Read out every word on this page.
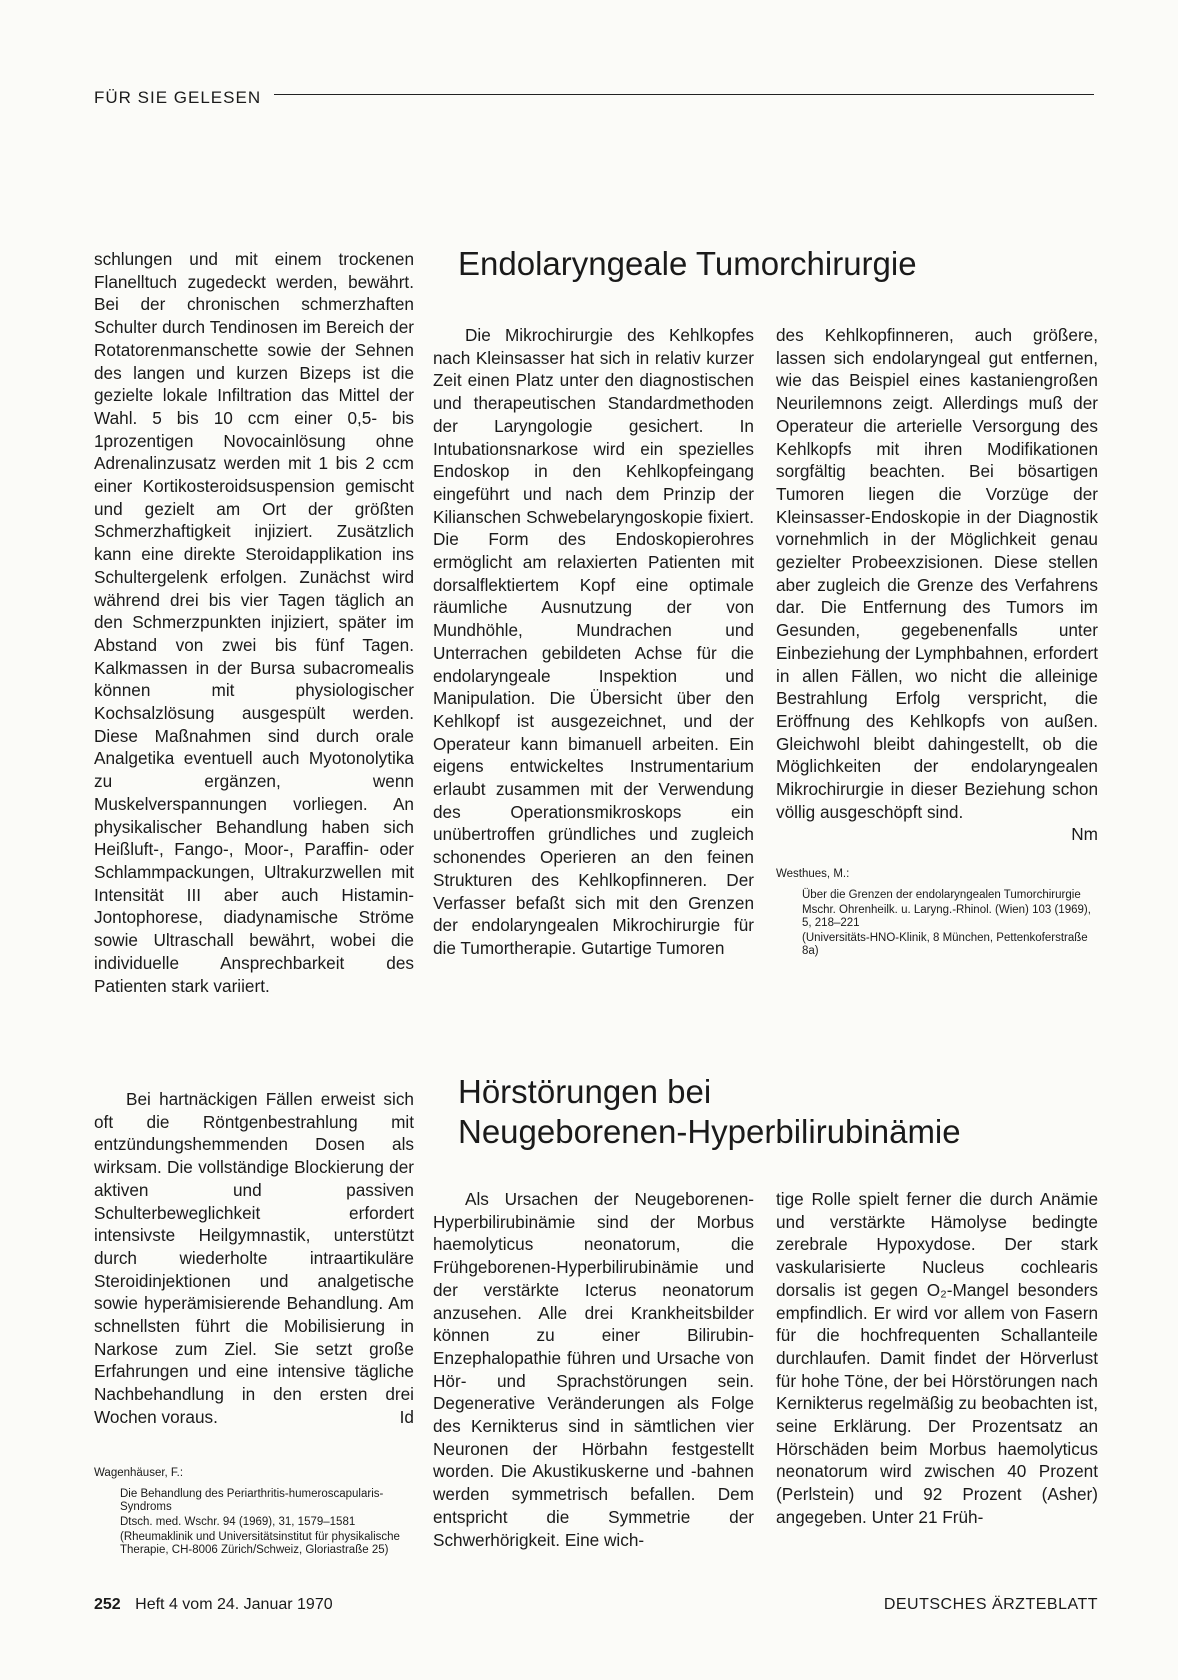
FÜR SIE GELESEN

schlungen und mit einem trockenen Flanelltuch zugedeckt werden, bewährt. Bei der chronischen schmerzhaften Schulter durch Tendinosen im Bereich der Rotatorenmanschette sowie der Sehnen des langen und kurzen Bizeps ist die gezielte lokale Infiltration das Mittel der Wahl. 5 bis 10 ccm einer 0,5- bis 1prozentigen Novocainlösung ohne Adrenalinzusatz werden mit 1 bis 2 ccm einer Kortikosteroidsuspension gemischt und gezielt am Ort der größten Schmerzhaftigkeit injiziert. Zusätzlich kann eine direkte Steroidapplikation ins Schultergelenk erfolgen. Zunächst wird während drei bis vier Tagen täglich an den Schmerzpunkten injiziert, später im Abstand von zwei bis fünf Tagen. Kalkmassen in der Bursa subacromealis können mit physiologischer Kochsalzlösung ausgespült werden. Diese Maßnahmen sind durch orale Analgetika eventuell auch Myotonolytika zu ergänzen, wenn Muskelverspannungen vorliegen. An physikalischer Behandlung haben sich Heißluft-, Fango-, Moor-, Paraffin- oder Schlammpackungen, Ultrakurzwellen mit Intensität III aber auch Histamin-Jontophorese, diadynamische Ströme sowie Ultraschall bewährt, wobei die individuelle Ansprechbarkeit des Patienten stark variiert.

Bei hartnäckigen Fällen erweist sich oft die Röntgenbestrahlung mit entzündungshemmenden Dosen als wirksam. Die vollständige Blockierung der aktiven und passiven Schulterbeweglichkeit erfordert intensivste Heilgymnastik, unterstützt durch wiederholte intraartikuläre Steroidinjektionen und analgetische sowie hyperämisierende Behandlung. Am schnellsten führt die Mobilisierung in Narkose zum Ziel. Sie setzt große Erfahrungen und eine intensive tägliche Nachbehandlung in den ersten drei Wochen voraus.	Id

Wagenhäuser, F.:
Die Behandlung des Periarthritis-humeroscapularis-Syndroms
Dtsch. med. Wschr. 94 (1969), 31, 1579–1581
(Rheumaklinik und Universitätsinstitut für physikalische Therapie, CH-8006 Zürich/Schweiz, Gloriastraße 25)
Endolaryngeale Tumorchirurgie

Die Mikrochirurgie des Kehlkopfes nach Kleinsasser hat sich in relativ kurzer Zeit einen Platz unter den diagnostischen und therapeutischen Standardmethoden der Laryngologie gesichert. In Intubationsnarkose wird ein spezielles Endoskop in den Kehlkopfeingang eingeführt und nach dem Prinzip der Kilianschen Schwebelaryngoskopie fixiert. Die Form des Endoskopierohres ermöglicht am relaxierten Patienten mit dorsalflektiertem Kopf eine optimale räumliche Ausnutzung der von Mundhöhle, Mundrachen und Unterrachen gebildeten Achse für die endolaryngeale Inspektion und Manipulation. Die Übersicht über den Kehlkopf ist ausgezeichnet, und der Operateur kann bimanuell arbeiten. Ein eigens entwickeltes Instrumentarium erlaubt zusammen mit der Verwendung des Operationsmikroskops ein unübertroffen gründliches und zugleich schonendes Operieren an den feinen Strukturen des Kehlkopfinneren. Der Verfasser befaßt sich mit den Grenzen der endolaryngealen Mikrochirurgie für die Tumortherapie. Gutartige Tumoren

des Kehlkopfinneren, auch größere, lassen sich endolaryngeal gut entfernen, wie das Beispiel eines kastaniengroßen Neurilemnons zeigt. Allerdings muß der Operateur die arterielle Versorgung des Kehlkopfs mit ihren Modifikationen sorgfältig beachten. Bei bösartigen Tumoren liegen die Vorzüge der Kleinsasser-Endoskopie in der Diagnostik vornehmlich in der Möglichkeit genau gezielter Probeexzisionen. Diese stellen aber zugleich die Grenze des Verfahrens dar. Die Entfernung des Tumors im Gesunden, gegebenenfalls unter Einbeziehung der Lymphbahnen, erfordert in allen Fällen, wo nicht die alleinige Bestrahlung Erfolg verspricht, die Eröffnung des Kehlkopfs von außen. Gleichwohl bleibt dahingestellt, ob die Möglichkeiten der endolaryngealen Mikrochirurgie in dieser Beziehung schon völlig ausgeschöpft sind.
Nm

Westhues, M.:
Über die Grenzen der endolaryngealen Tumorchirurgie
Mschr. Ohrenheilk. u. Laryng.-Rhinol. (Wien) 103 (1969), 5, 218–221
(Universitäts-HNO-Klinik, 8 München, Pettenkoferstraße 8a)
Hörstörungen bei
Neugeborenen-Hyperbilirubinämie

Als Ursachen der Neugeborenen-Hyperbilirubinämie sind der Morbus haemolyticus neonatorum, die Frühgeborenen-Hyperbilirubinämie und der verstärkte Icterus neonatorum anzusehen. Alle drei Krankheitsbilder können zu einer Bilirubin-Enzephalopathie führen und Ursache von Hör- und Sprachstörungen sein. Degenerative Veränderungen als Folge des Kernikterus sind in sämtlichen vier Neuronen der Hörbahn festgestellt worden. Die Akustikuskerne und -bahnen werden symmetrisch befallen. Dem entspricht die Symmetrie der Schwerhörigkeit. Eine wich-

tige Rolle spielt ferner die durch Anämie und verstärkte Hämolyse bedingte zerebrale Hypoxydose. Der stark vaskularisierte Nucleus cochlearis dorsalis ist gegen O₂-Mangel besonders empfindlich. Er wird vor allem von Fasern für die hochfrequenten Schallanteile durchlaufen. Damit findet der Hörverlust für hohe Töne, der bei Hörstörungen nach Kernikterus regelmäßig zu beobachten ist, seine Erklärung. Der Prozentsatz an Hörschäden beim Morbus haemolyticus neonatorum wird zwischen 40 Prozent (Perlstein) und 92 Prozent (Asher) angegeben. Unter 21 Früh-

252 Heft 4 vom 24. Januar 1970	DEUTSCHES ÄRZTEBLATT
